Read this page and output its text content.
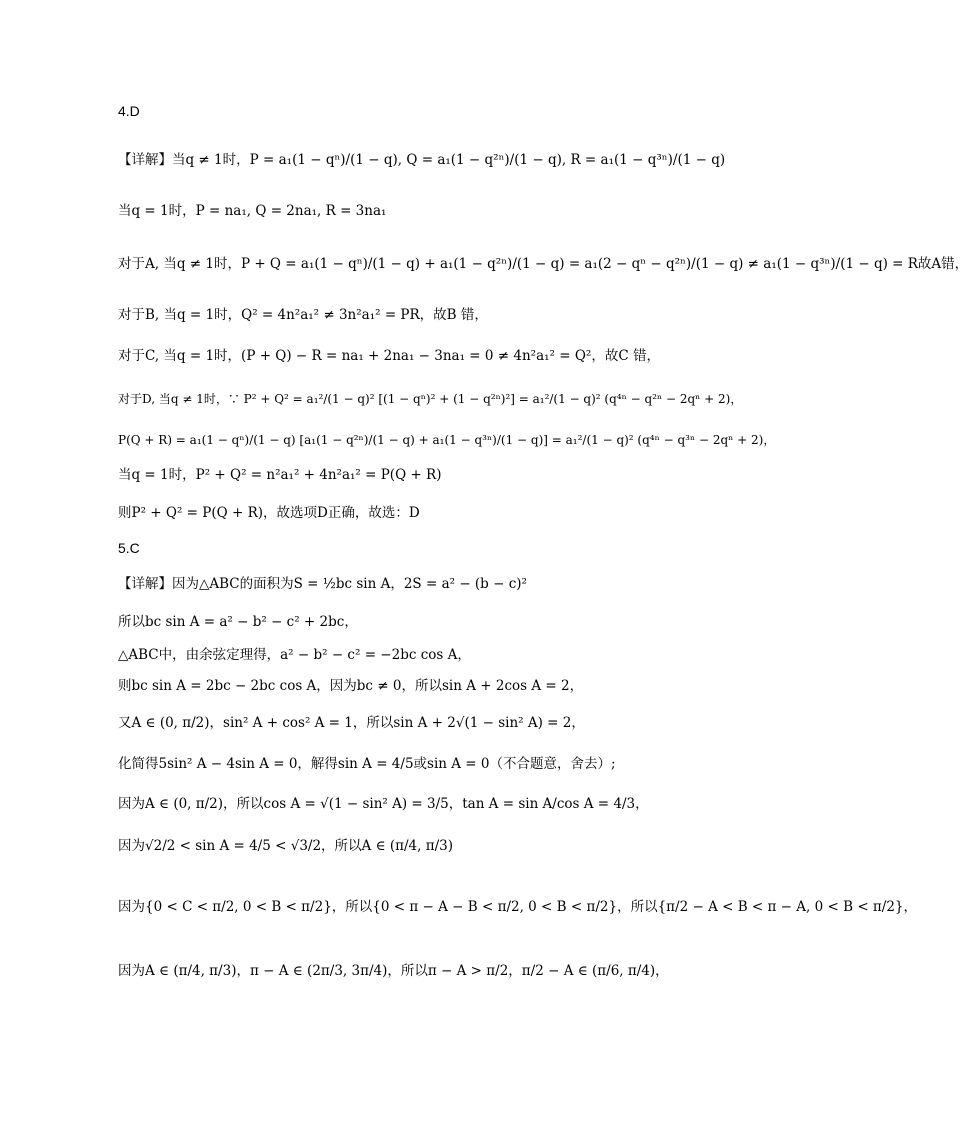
4.D
【详解】当q ≠ 1时，P = a₁(1 − qⁿ)/(1 − q), Q = a₁(1 − q²ⁿ)/(1 − q), R = a₁(1 − q³ⁿ)/(1 − q)
当q = 1时，P = na₁, Q = 2na₁, R = 3na₁
对于A, 当q ≠ 1时，P + Q = a₁(1 − qⁿ)/(1 − q) + a₁(1 − q²ⁿ)/(1 − q) = a₁(2 − qⁿ − q²ⁿ)/(1 − q) ≠ a₁(1 − q³ⁿ)/(1 − q) = R故A错，
对于B, 当q = 1时，Q² = 4n²a₁² ≠ 3n²a₁² = PR，故B 错，
对于C, 当q = 1时，(P + Q) − R = na₁ + 2na₁ − 3na₁ = 0 ≠ 4n²a₁² = Q²，故C 错，
对于D, 当q ≠ 1时，∵ P² + Q² = a₁²/(1 − q)² [(1 − qⁿ)² + (1 − q²ⁿ)²] = a₁²/(1 − q)² (q⁴ⁿ − q²ⁿ − 2qⁿ + 2)，
P(Q + R) = a₁(1 − qⁿ)/(1 − q) [a₁(1 − q²ⁿ)/(1 − q) + a₁(1 − q³ⁿ)/(1 − q)] = a₁²/(1 − q)² (q⁴ⁿ − q³ⁿ − 2qⁿ + 2)，
当q = 1时，P² + Q² = n²a₁² + 4n²a₁² = P(Q + R)
则P² + Q² = P(Q + R)，故选项D正确，故选：D
5.C
【详解】因为△ABC的面积为S = ½bc sin A，2S = a² − (b − c)²
所以bc sin A = a² − b² − c² + 2bc，
△ABC中，由余弦定理得，a² − b² − c² = −2bc cos A，
则bc sin A = 2bc − 2bc cos A，因为bc ≠ 0，所以sin A + 2cos A = 2，
又A ∈ (0, π/2)，sin² A + cos² A = 1，所以sin A + 2√(1 − sin² A) = 2，
化简得5sin² A − 4sin A = 0，解得sin A = 4/5或sin A = 0（不合题意，舍去）;
因为A ∈ (0, π/2)，所以cos A = √(1 − sin² A) = 3/5，tan A = sin A/cos A = 4/3，
因为√2/2 < sin A = 4/5 < √3/2，所以A ∈ (π/4, π/3)
因为{0 < C < π/2, 0 < B < π/2}，所以{0 < π − A − B < π/2, 0 < B < π/2}，所以{π/2 − A < B < π − A, 0 < B < π/2}，
因为A ∈ (π/4, π/3)，π − A ∈ (2π/3, 3π/4)，所以π − A > π/2，π/2 − A ∈ (π/6, π/4)，
